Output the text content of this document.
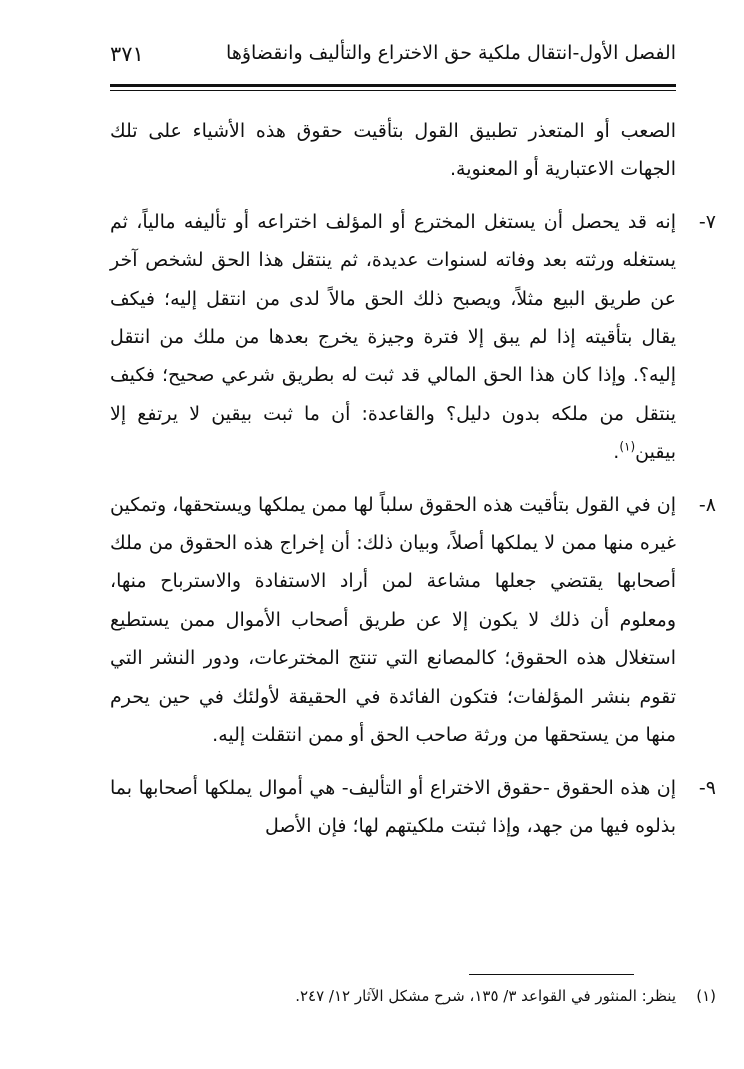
الفصل الأول-انتقال ملكية حق الاختراع والتأليف وانقضاؤها
٣٧١

الصعب أو المتعذر تطبيق القول بتأقيت حقوق هذه الأشياء على تلك الجهات الاعتبارية أو المعنوية.

٧-
إنه قد يحصل أن يستغل المخترع أو المؤلف اختراعه أو تأليفه مالياً، ثم يستغله ورثته بعد وفاته لسنوات عديدة، ثم ينتقل هذا الحق لشخص آخر عن طريق البيع مثلاً، ويصبح ذلك الحق مالاً لدى من انتقل إليه؛ فيكف يقال بتأقيته إذا لم يبق إلا فترة وجيزة يخرج بعدها من ملك من انتقل إليه؟. وإذا كان هذا الحق المالي قد ثبت له بطريق شرعي صحيح؛ فكيف ينتقل من ملكه بدون دليل؟ والقاعدة: أن ما ثبت بيقين لا يرتفع إلا بيقين$^{(١)}$.
٨-
إن في القول بتأقيت هذه الحقوق سلباً لها ممن يملكها ويستحقها، وتمكين غيره منها ممن لا يملكها أصلاً، وبيان ذلك: أن إخراج هذه الحقوق من ملك أصحابها يقتضي جعلها مشاعة لمن أراد الاستفادة والاسترباح منها، ومعلوم أن ذلك لا يكون إلا عن طريق أصحاب الأموال ممن يستطيع استغلال هذه الحقوق؛ كالمصانع التي تنتج المخترعات، ودور النشر التي تقوم بنشر المؤلفات؛ فتكون الفائدة في الحقيقة لأولئك في حين يحرم منها من يستحقها من ورثة صاحب الحق أو ممن انتقلت إليه.
٩-
إن هذه الحقوق -حقوق الاختراع أو التأليف- هي أموال يملكها أصحابها بما بذلوه فيها من جهد، وإذا ثبتت ملكيتهم لها؛ فإن الأصل
(١)
ينظر: المنثور في القواعد ٣/ ١٣٥، شرح مشكل الآثار ١٢/ ٢٤٧.
